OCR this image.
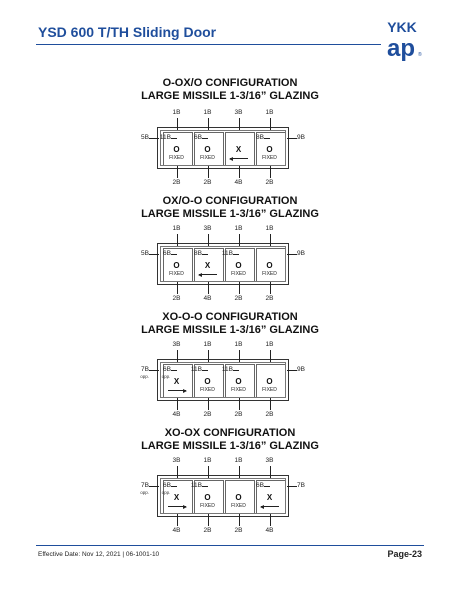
YSD 600 T/TH Sliding Door	YKK
ap ®
O-OX/O CONFIGURATION
LARGE MISSILE 1-3/16” GLAZING
1B
2B
11B
O
FIXED
1B
2B
6B
O
FIXED
3B
4B
X
1B
2B
8B
O
FIXED
5B	9B
OX/O-O CONFIGURATION
LARGE MISSILE 1-3/16” GLAZING
1B
2B
6B
O
FIXED
3B
4B
8B
X
1B
2B
11B
O
FIXED
1B
2B
O
FIXED
5B	9B
XO-O-O CONFIGURATION
LARGE MISSILE 1-3/16” GLAZING
3B
4B
6B
opp.
X
1B
2B
11B
O
FIXED
1B
2B
11B
O
FIXED
1B
2B
O
FIXED
7B
opp.
9B
XO-OX CONFIGURATION
LARGE MISSILE 1-3/16” GLAZING
3B
4B
6B
opp.
X
1B
2B
11B
O
FIXED
1B
2B
O
FIXED
3B
4B
6B
X
7B
opp.
7B
Effective Date: Nov 12, 2021 | 06-1001-10	Page-23
